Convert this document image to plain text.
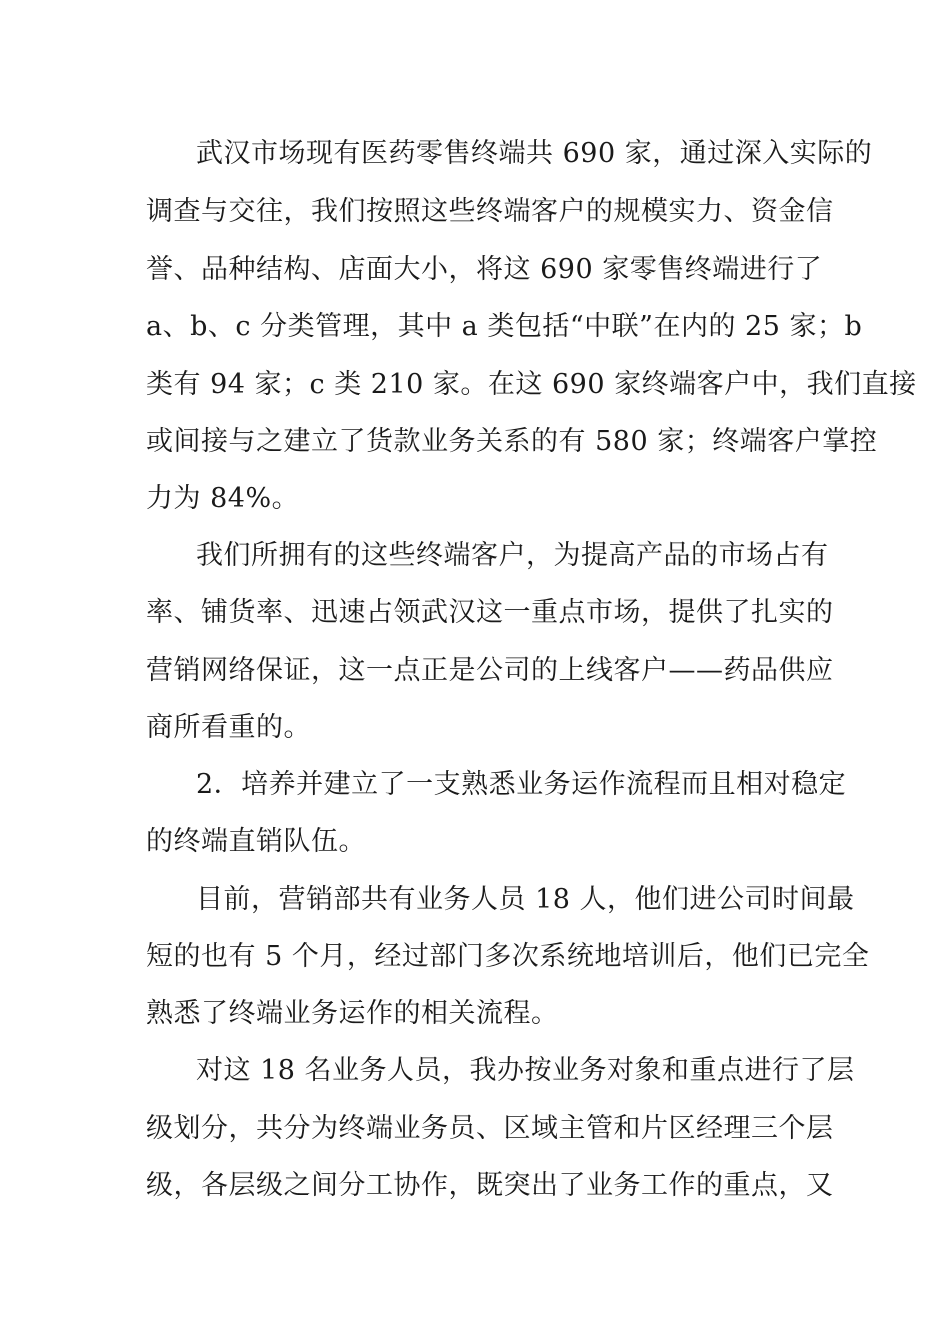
武汉市场现有医药零售终端共 690 家，通过深入实际的
调查与交往，我们按照这些终端客户的规模实力、资金信
誉、品种结构、店面大小，将这 690 家零售终端进行了
a、b、c 分类管理，其中 a 类包括“中联”在内的 25 家；b
类有 94 家；c 类 210 家。在这 690 家终端客户中，我们直接
或间接与之建立了货款业务关系的有 580 家；终端客户掌控
力为 84%。
我们所拥有的这些终端客户，为提高产品的市场占有
率、铺货率、迅速占领武汉这一重点市场，提供了扎实的
营销网络保证，这一点正是公司的上线客户——药品供应
商所看重的。
2．培养并建立了一支熟悉业务运作流程而且相对稳定
的终端直销队伍。
目前，营销部共有业务人员 18 人，他们进公司时间最
短的也有 5 个月，经过部门多次系统地培训后，他们已完全
熟悉了终端业务运作的相关流程。
对这 18 名业务人员，我办按业务对象和重点进行了层
级划分，共分为终端业务员、区域主管和片区经理三个层
级，各层级之间分工协作，既突出了业务工作的重点，又
